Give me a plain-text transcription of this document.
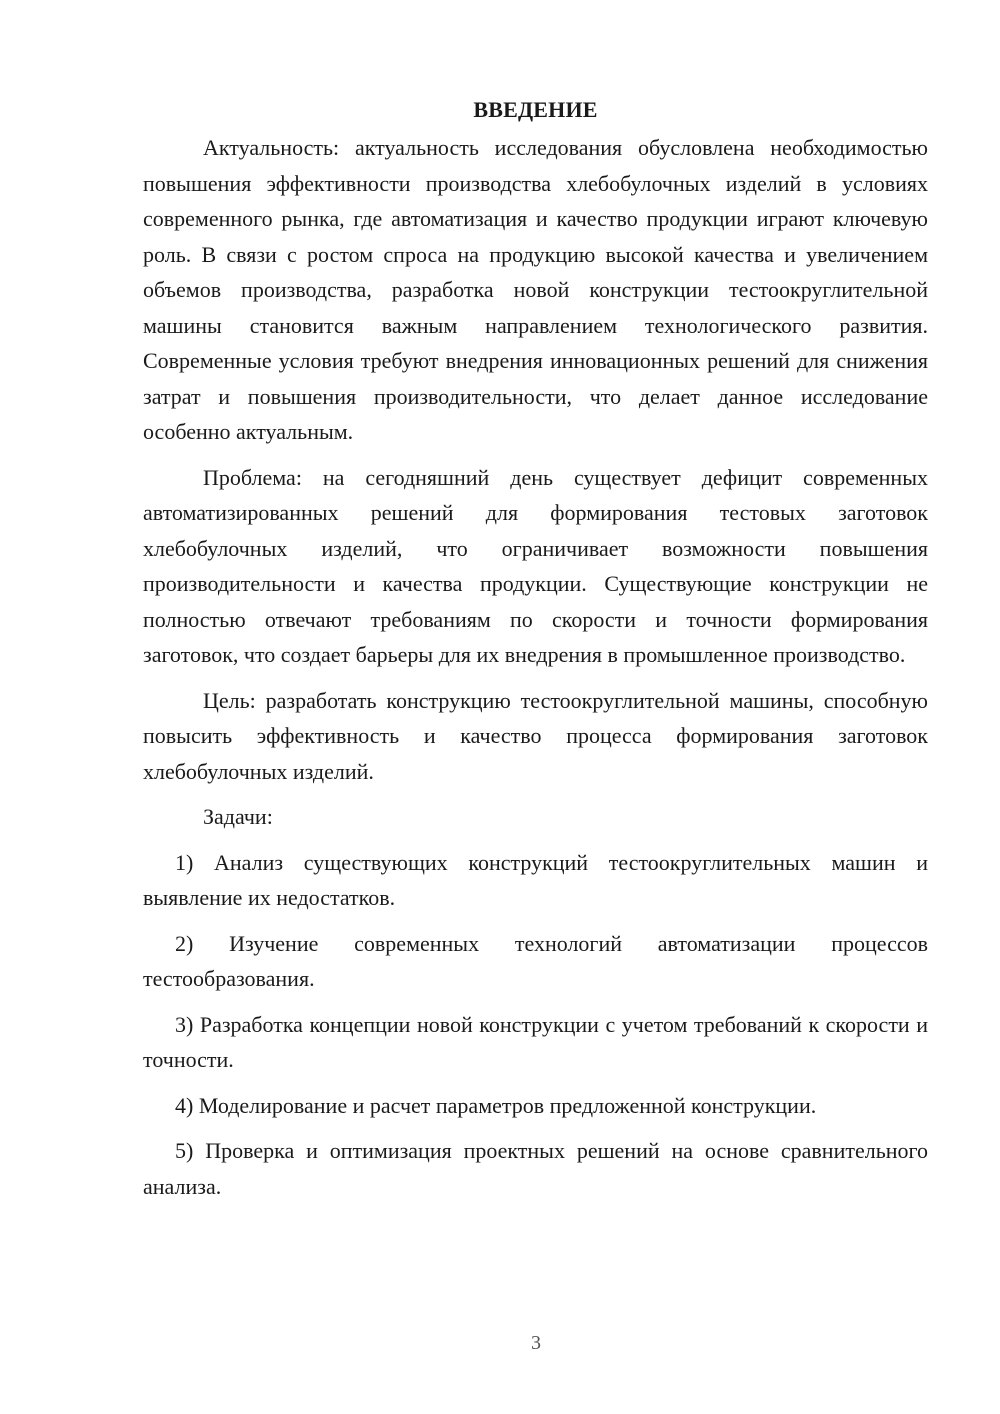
ВВЕДЕНИЕ

Актуальность: актуальность исследования обусловлена необходимостью повышения эффективности производства хлебобулочных изделий в условиях современного рынка, где автоматизация и качество продукции играют ключевую роль. В связи с ростом спроса на продукцию высокой качества и увеличением объемов производства, разработка новой конструкции тестоокруглительной машины становится важным направлением технологического развития. Современные условия требуют внедрения инновационных решений для снижения затрат и повышения производительности, что делает данное исследование особенно актуальным.

Проблема: на сегодняшний день существует дефицит современных автоматизированных решений для формирования тестовых заготовок хлебобулочных изделий, что ограничивает возможности повышения производительности и качества продукции. Существующие конструкции не полностью отвечают требованиям по скорости и точности формирования заготовок, что создает барьеры для их внедрения в промышленное производство.

Цель: разработать конструкцию тестоокруглительной машины, способную повысить эффективность и качество процесса формирования заготовок хлебобулочных изделий.

Задачи:

1) Анализ существующих конструкций тестоокруглительных машин и выявление их недостатков.

2) Изучение современных технологий автоматизации процессов тестообразования.

3) Разработка концепции новой конструкции с учетом требований к скорости и точности.

4) Моделирование и расчет параметров предложенной конструкции.

5) Проверка и оптимизация проектных решений на основе сравнительного анализа.

3
